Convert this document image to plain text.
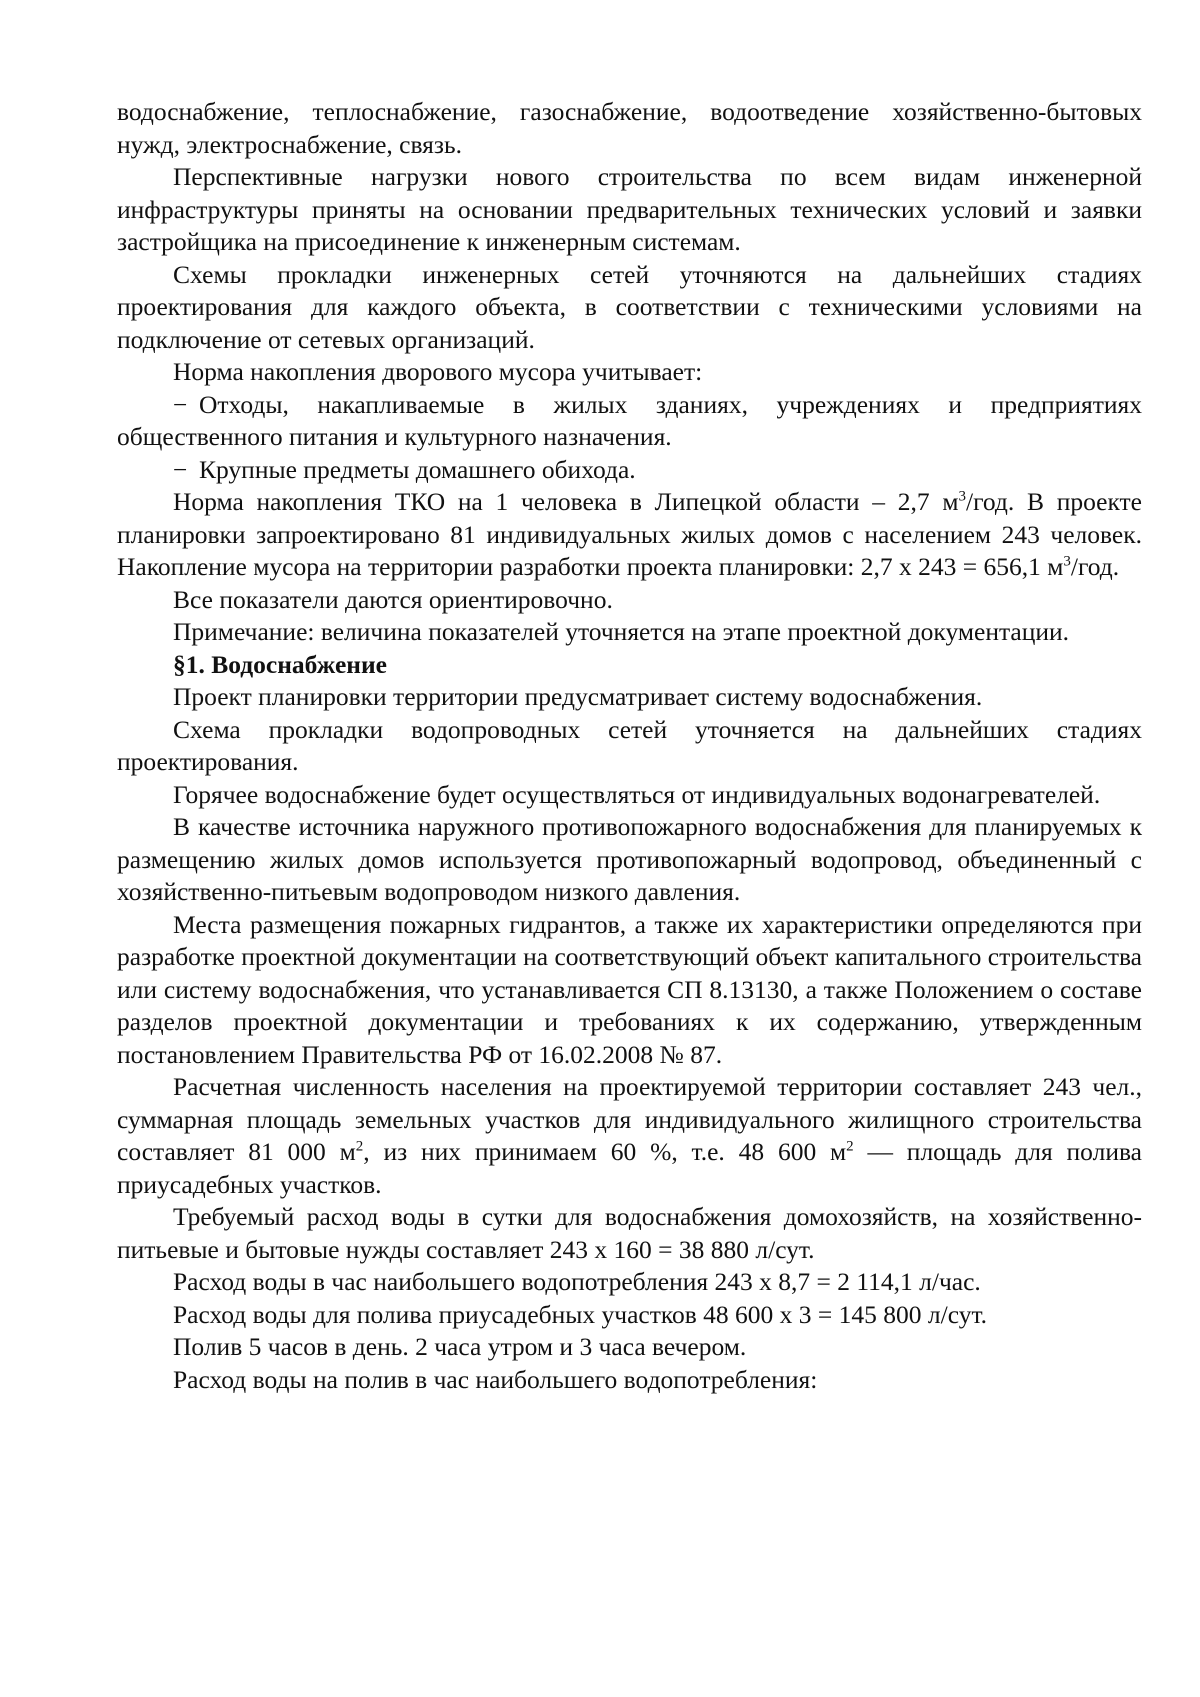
водоснабжение, теплоснабжение, газоснабжение, водоотведение хозяйственно-бытовых нужд, электроснабжение, связь.

Перспективные нагрузки нового строительства по всем видам инженерной инфраструктуры приняты на основании предварительных технических условий и заявки застройщика на присоединение к инженерным системам.

Схемы прокладки инженерных сетей уточняются на дальнейших стадиях проектирования для каждого объекта, в соответствии с техническими условиями на подключение от сетевых организаций.

Норма накопления дворового мусора учитывает:

− Отходы, накапливаемые в жилых зданиях, учреждениях и предприятиях общественного питания и культурного назначения.

− Крупные предметы домашнего обихода.

Норма накопления ТКО на 1 человека в Липецкой области – 2,7 $м^3$/год. В проекте планировки запроектировано 81 индивидуальных жилых домов с населением 243 человек. Накопление мусора на территории разработки проекта планировки: 2,7 х 243 = 656,1 $м^3$/год.

Все показатели даются ориентировочно.

Примечание: величина показателей уточняется на этапе проектной документации.

§1. Водоснабжение

Проект планировки территории предусматривает систему водоснабжения.

Схема прокладки водопроводных сетей уточняется на дальнейших стадиях проектирования.

Горячее водоснабжение будет осуществляться от индивидуальных водонагревателей.

В качестве источника наружного противопожарного водоснабжения для планируемых к размещению жилых домов используется противопожарный водопровод, объединенный с хозяйственно-питьевым водопроводом низкого давления.

Места размещения пожарных гидрантов, а также их характеристики определяются при разработке проектной документации на соответствующий объект капитального строительства или систему водоснабжения, что устанавливается СП 8.13130, а также Положением о составе разделов проектной документации и требованиях к их содержанию, утвержденным постановлением Правительства РФ от 16.02.2008 № 87.

Расчетная численность населения на проектируемой территории составляет 243 чел., суммарная площадь земельных участков для индивидуального жилищного строительства составляет 81 000 $м^2$, из них принимаем 60 %, т.е. 48 600 $м^2$ — площадь для полива приусадебных участков.

Требуемый расход воды в сутки для водоснабжения домохозяйств, на хозяйственно-питьевые и бытовые нужды составляет 243 х 160 = 38 880 л/сут.

Расход воды в час наибольшего водопотребления 243 х 8,7 = 2 114,1 л/час.

Расход воды для полива приусадебных участков 48 600 х 3 = 145 800 л/сут.

Полив 5 часов в день. 2 часа утром и 3 часа вечером.

Расход воды на полив в час наибольшего водопотребления:
